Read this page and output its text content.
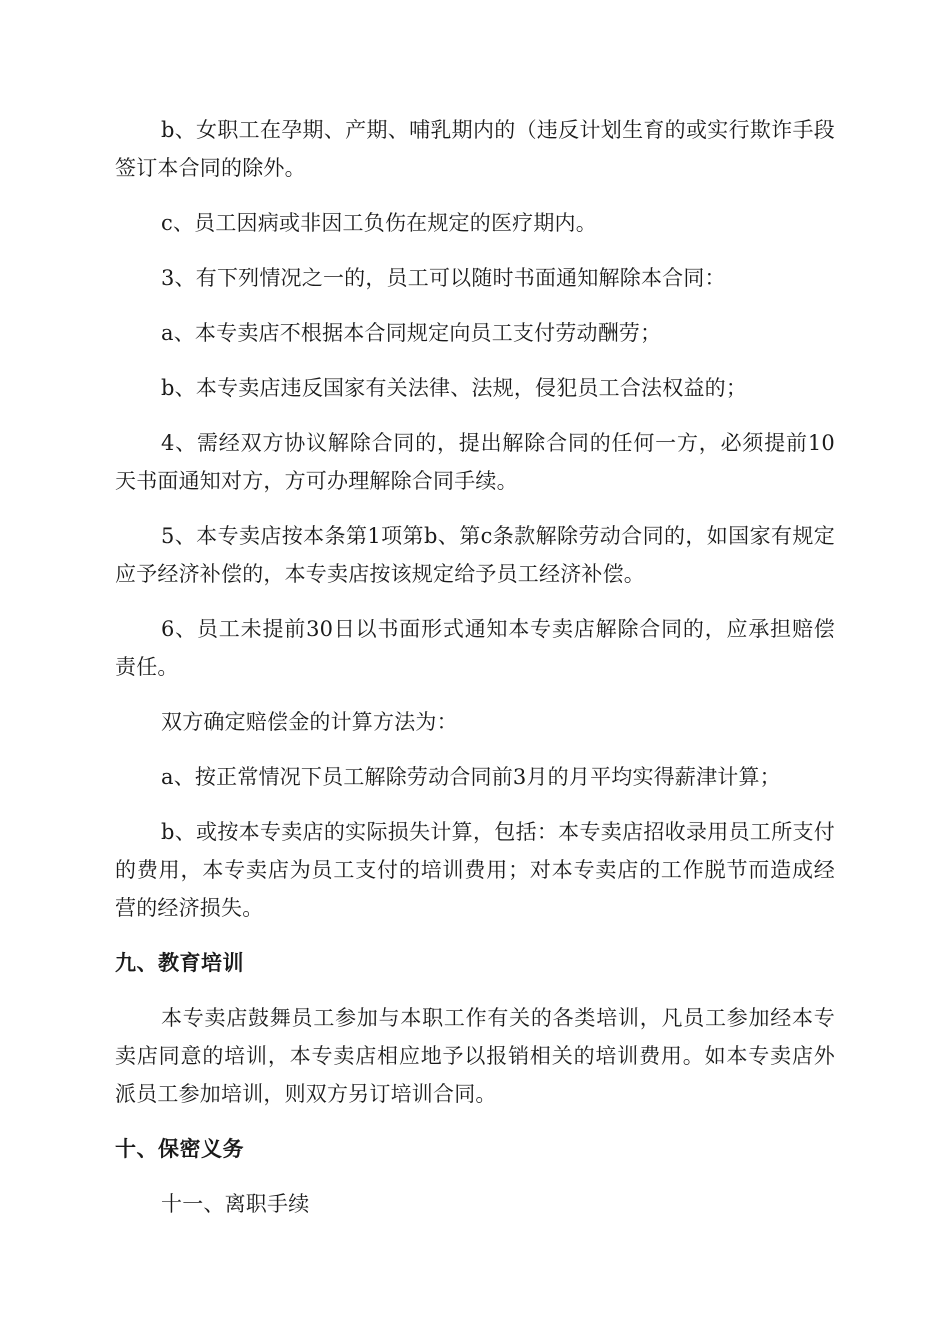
b、女职工在孕期、产期、哺乳期内的（违反计划生育的或实行欺诈手段签订本合同的除外。

c、员工因病或非因工负伤在规定的医疗期内。

3、有下列情况之一的，员工可以随时书面通知解除本合同：

a、本专卖店不根据本合同规定向员工支付劳动酬劳；

b、本专卖店违反国家有关法律、法规，侵犯员工合法权益的；

4、需经双方协议解除合同的，提出解除合同的任何一方，必须提前10天书面通知对方，方可办理解除合同手续。

5、本专卖店按本条第1项第b、第c条款解除劳动合同的，如国家有规定应予经济补偿的，本专卖店按该规定给予员工经济补偿。

6、员工未提前30日以书面形式通知本专卖店解除合同的，应承担赔偿责任。

双方确定赔偿金的计算方法为：

a、按正常情况下员工解除劳动合同前3月的月平均实得薪津计算；

b、或按本专卖店的实际损失计算，包括：本专卖店招收录用员工所支付的费用，本专卖店为员工支付的培训费用；对本专卖店的工作脱节而造成经营的经济损失。

九、教育培训

本专卖店鼓舞员工参加与本职工作有关的各类培训，凡员工参加经本专卖店同意的培训，本专卖店相应地予以报销相关的培训费用。如本专卖店外派员工参加培训，则双方另订培训合同。

十、保密义务

十一、离职手续
